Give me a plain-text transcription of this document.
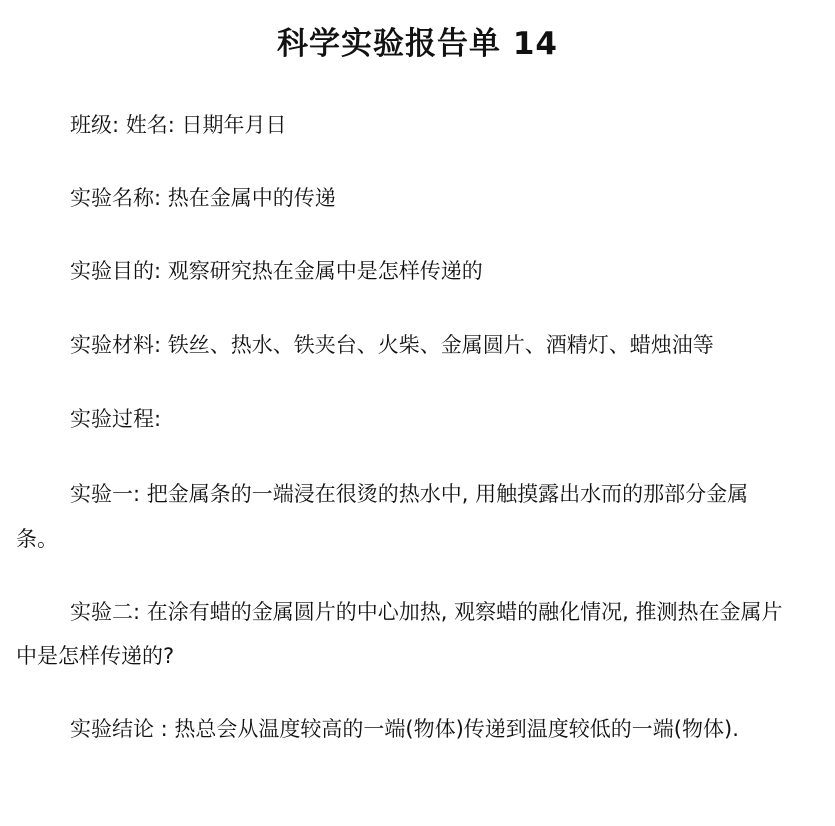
科学实验报告单 14
班级: 姓名: 日期年月日
实验名称: 热在金属中的传递
实验目的: 观察研究热在金属中是怎样传递的
实验材料: 铁丝、热水、铁夹台、火柴、金属圆片、酒精灯、蜡烛油等
实验过程:
实验一: 把金属条的一端浸在很烫的热水中, 用触摸露出水而的那部分金属
条。
实验二: 在涂有蜡的金属圆片的中心加热, 观察蜡的融化情况, 推测热在金属片
中是怎样传递的?
实验结论 : 热总会从温度较高的一端(物体)传递到温度较低的一端(物体).
